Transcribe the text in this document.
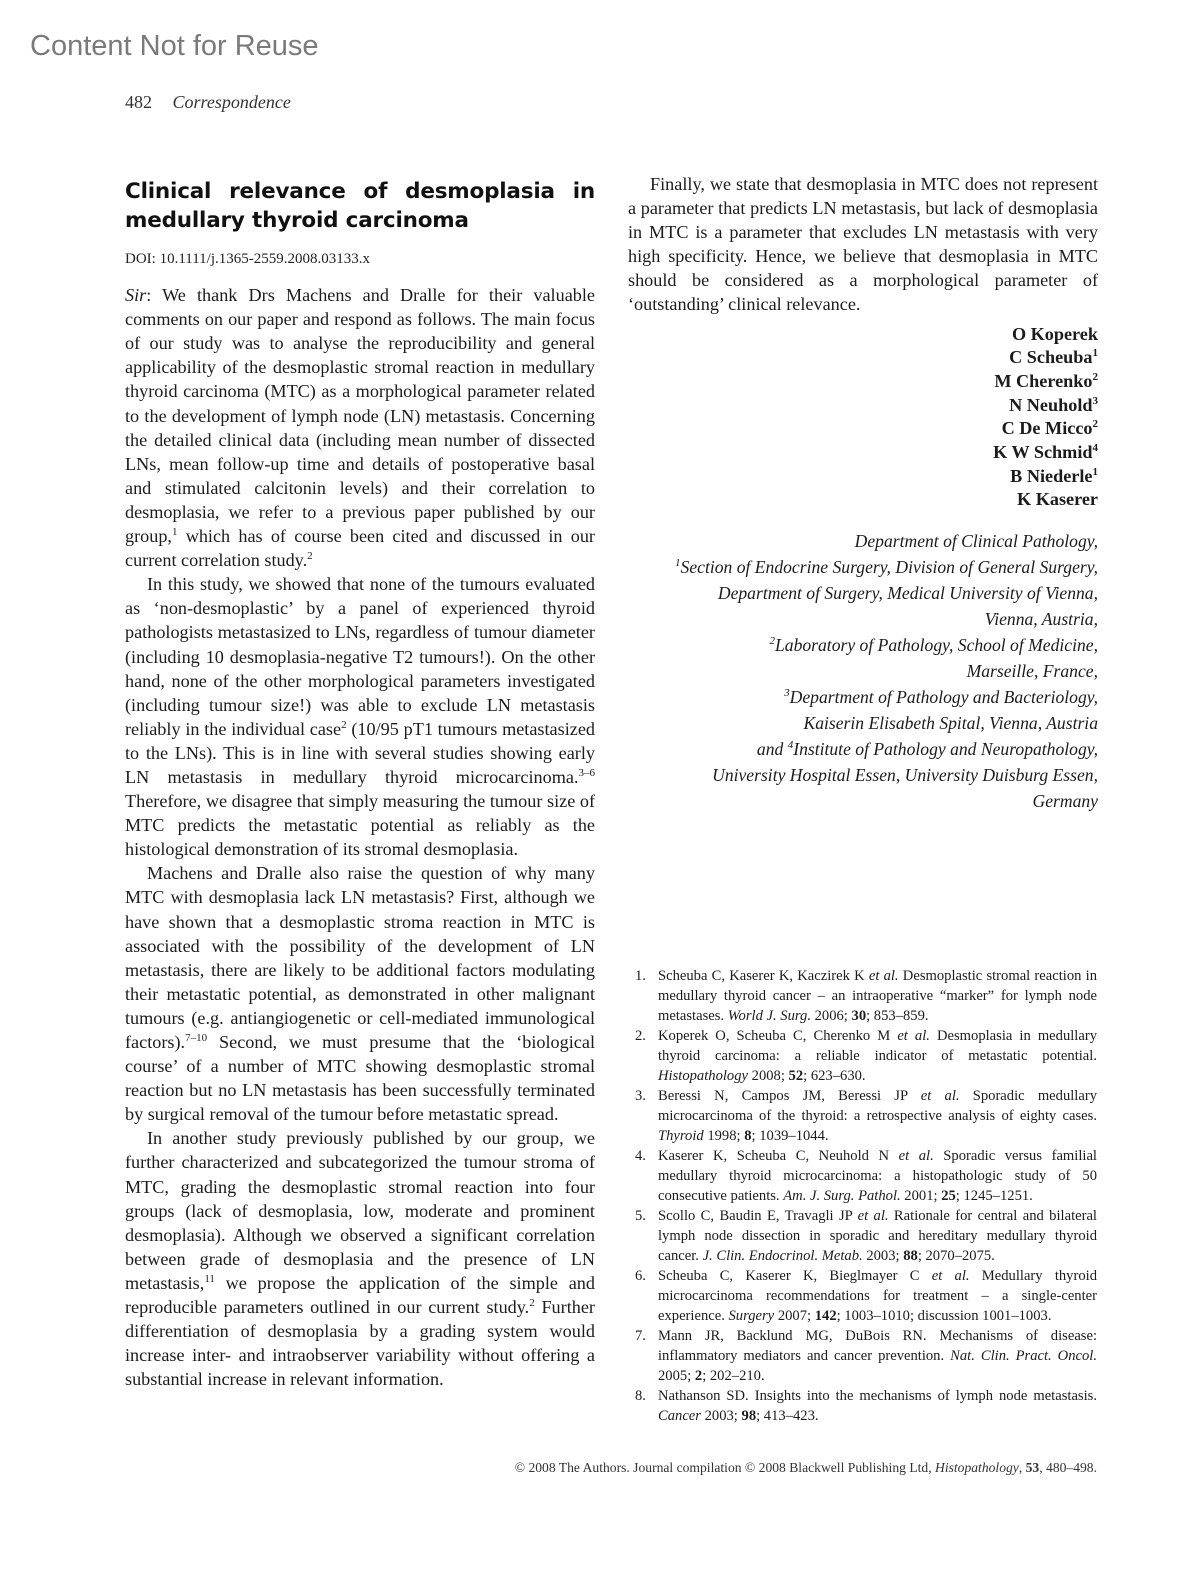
Content Not for Reuse
482 Correspondence
Clinical relevance of desmoplasia in medullary thyroid carcinoma
DOI: 10.1111/j.1365-2559.2008.03133.x

Sir: We thank Drs Machens and Dralle for their valuable comments on our paper and respond as follows. The main focus of our study was to analyse the reproducibility and general applicability of the desmoplastic stromal reaction in medullary thyroid carcinoma (MTC) as a morphological parameter related to the development of lymph node (LN) metastasis. Concerning the detailed clinical data (including mean number of dissected LNs, mean follow-up time and details of postoperative basal and stimulated calcitonin levels) and their correlation to desmoplasia, we refer to a previous paper published by our group,$^1$ which has of course been cited and discussed in our current correlation study.$^2$

In this study, we showed that none of the tumours evaluated as ‘non-desmoplastic’ by a panel of experienced thyroid pathologists metastasized to LNs, regardless of tumour diameter (including 10 desmoplasia-negative T2 tumours!). On the other hand, none of the other morphological parameters investigated (including tumour size!) was able to exclude LN metastasis reliably in the individual case$^2$ (10/95 pT1 tumours metastasized to the LNs). This is in line with several studies showing early LN metastasis in medullary thyroid microcarcinoma.$^{3-6}$ Therefore, we disagree that simply measuring the tumour size of MTC predicts the metastatic potential as reliably as the histological demonstration of its stromal desmoplasia.

Machens and Dralle also raise the question of why many MTC with desmoplasia lack LN metastasis? First, although we have shown that a desmoplastic stroma reaction in MTC is associated with the possibility of the development of LN metastasis, there are likely to be additional factors modulating their metastatic potential, as demonstrated in other malignant tumours (e.g. antiangiogenetic or cell-mediated immunological factors).$^{7-10}$ Second, we must presume that the ‘biological course’ of a number of MTC showing desmoplastic stromal reaction but no LN metastasis has been successfully terminated by surgical removal of the tumour before metastatic spread.

In another study previously published by our group, we further characterized and subcategorized the tumour stroma of MTC, grading the desmoplastic stromal reaction into four groups (lack of desmoplasia, low, moderate and prominent desmoplasia). Although we observed a significant correlation between grade of desmoplasia and the presence of LN metastasis,$^{11}$ we propose the application of the simple and reproducible parameters outlined in our current study.$^2$ Further differentiation of desmoplasia by a grading system would increase inter- and intraobserver variability without offering a substantial increase in relevant information.

Finally, we state that desmoplasia in MTC does not represent a parameter that predicts LN metastasis, but lack of desmoplasia in MTC is a parameter that excludes LN metastasis with very high specificity. Hence, we believe that desmoplasia in MTC should be considered as a morphological parameter of ‘outstanding’ clinical relevance.

O Koperek
C Scheuba$^1$
M Cherenko$^2$
N Neuhold$^3$
C De Micco$^2$
K W Schmid$^4$
B Niederle$^1$
K Kaserer
Department of Clinical Pathology,
$^1$Section of Endocrine Surgery, Division of General Surgery,
Department of Surgery, Medical University of Vienna,
Vienna, Austria,
$^2$Laboratory of Pathology, School of Medicine,
Marseille, France,
$^3$Department of Pathology and Bacteriology,
Kaiserin Elisabeth Spital, Vienna, Austria
and $^4$Institute of Pathology and Neuropathology,
University Hospital Essen, University Duisburg Essen,
Germany
1. Scheuba C, Kaserer K, Kaczirek K et al. Desmoplastic stromal reaction in medullary thyroid cancer – an intraoperative “marker” for lymph node metastases. World J. Surg. 2006; 30; 853–859.
2. Koperek O, Scheuba C, Cherenko M et al. Desmoplasia in medullary thyroid carcinoma: a reliable indicator of metastatic potential. Histopathology 2008; 52; 623–630.
3. Beressi N, Campos JM, Beressi JP et al. Sporadic medullary microcarcinoma of the thyroid: a retrospective analysis of eighty cases. Thyroid 1998; 8; 1039–1044.
4. Kaserer K, Scheuba C, Neuhold N et al. Sporadic versus familial medullary thyroid microcarcinoma: a histopathologic study of 50 consecutive patients. Am. J. Surg. Pathol. 2001; 25; 1245–1251.
5. Scollo C, Baudin E, Travagli JP et al. Rationale for central and bilateral lymph node dissection in sporadic and hereditary medullary thyroid cancer. J. Clin. Endocrinol. Metab. 2003; 88; 2070–2075.
6. Scheuba C, Kaserer K, Bieglmayer C et al. Medullary thyroid microcarcinoma recommendations for treatment – a single-center experience. Surgery 2007; 142; 1003–1010; discussion 1001–1003.
7. Mann JR, Backlund MG, DuBois RN. Mechanisms of disease: inflammatory mediators and cancer prevention. Nat. Clin. Pract. Oncol. 2005; 2; 202–210.
8. Nathanson SD. Insights into the mechanisms of lymph node metastasis. Cancer 2003; 98; 413–423.
© 2008 The Authors. Journal compilation © 2008 Blackwell Publishing Ltd, Histopathology, 53, 480–498.
